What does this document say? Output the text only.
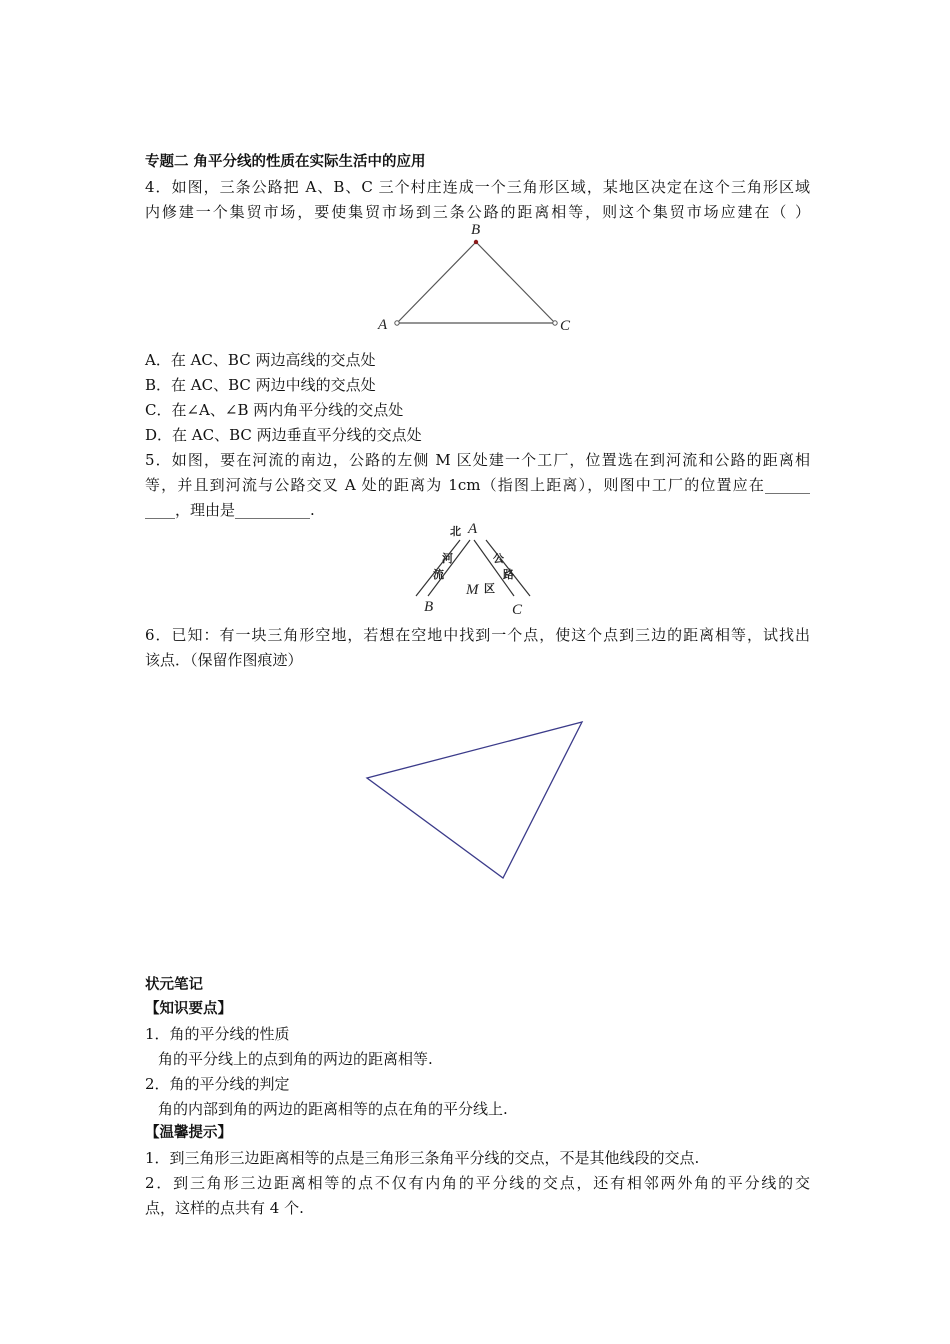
专题二 角平分线的性质在实际生活中的应用
4．如图，三条公路把 A、B、C 三个村庄连成一个三角形区域，某地区决定在这个三角形区域
内修建一个集贸市场，要使集贸市场到三条公路的距离相等，则这个集贸市场应建在（ ）
B
A	C
A．在 AC、BC 两边高线的交点处
B．在 AC、BC 两边中线的交点处
C．在∠A、∠B 两内角平分线的交点处
D．在 AC、BC 两边垂直平分线的交点处
5．如图，要在河流的南边，公路的左侧 M 区处建一个工厂，位置选在到河流和公路的距离相
等，并且到河流与公路交叉 A 处的距离为 1cm（指图上距离），则图中工厂的位置应在______
____，理由是__________.
北 A
河
流
公
路
M 区
B	C
6．已知：有一块三角形空地，若想在空地中找到一个点，使这个点到三边的距离相等，试找出
该点．（保留作图痕迹）
状元笔记
【知识要点】
1．角的平分线的性质
角的平分线上的点到角的两边的距离相等.
2．角的平分线的判定
角的内部到角的两边的距离相等的点在角的平分线上.
【温馨提示】
1．到三角形三边距离相等的点是三角形三条角平分线的交点，不是其他线段的交点.
2．到三角形三边距离相等的点不仅有内角的平分线的交点，还有相邻两外角的平分线的交
点，这样的点共有 4 个.
